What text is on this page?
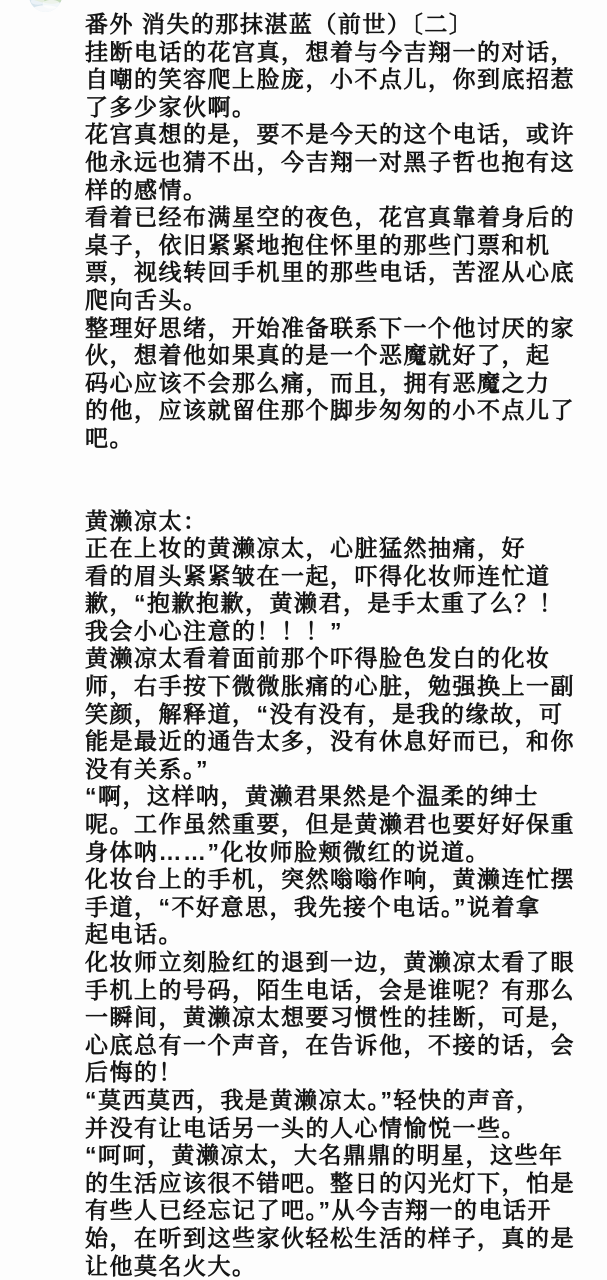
番外 消失的那抹湛蓝（前世）〔二〕
挂断电话的花宫真，想着与今吉翔一的对话，
自嘲的笑容爬上脸庞，小不点儿，你到底招惹
了多少家伙啊。
花宫真想的是，要不是今天的这个电话，或许
他永远也猜不出，今吉翔一对黑子哲也抱有这
样的感情。
看着已经布满星空的夜色，花宫真靠着身后的
桌子，依旧紧紧地抱住怀里的那些门票和机
票，视线转回手机里的那些电话，苦涩从心底
爬向舌头。
整理好思绪，开始准备联系下一个他讨厌的家
伙，想着他如果真的是一个恶魔就好了，起
码心应该不会那么痛，而且，拥有恶魔之力
的他，应该就留住那个脚步匆匆的小不点儿了
吧。
黄濑凉太：
正在上妆的黄濑凉太，心脏猛然抽痛，好
看的眉头紧紧皱在一起，吓得化妆师连忙道
歉，“抱歉抱歉，黄濑君，是手太重了么？！
我会小心注意的！！！”
黄濑凉太看着面前那个吓得脸色发白的化妆
师，右手按下微微胀痛的心脏，勉强换上一副
笑颜，解释道，“没有没有，是我的缘故，可
能是最近的通告太多，没有休息好而已，和你
没有关系。”
“啊，这样呐，黄濑君果然是个温柔的绅士
呢。工作虽然重要，但是黄濑君也要好好保重
身体呐……”化妆师脸颊微红的说道。
化妆台上的手机，突然嗡嗡作响，黄濑连忙摆
手道，“不好意思，我先接个电话。”说着拿
起电话。
化妆师立刻脸红的退到一边，黄濑凉太看了眼
手机上的号码，陌生电话，会是谁呢？有那么
一瞬间，黄濑凉太想要习惯性的挂断，可是，
心底总有一个声音，在告诉他，不接的话，会
后悔的！
“莫西莫西，我是黄濑凉太。”轻快的声音，
并没有让电话另一头的人心情愉悦一些。
“呵呵，黄濑凉太，大名鼎鼎的明星，这些年
的生活应该很不错吧。整日的闪光灯下，怕是
有些人已经忘记了吧。”从今吉翔一的电话开
始，在听到这些家伙轻松生活的样子，真的是
让他莫名火大。
